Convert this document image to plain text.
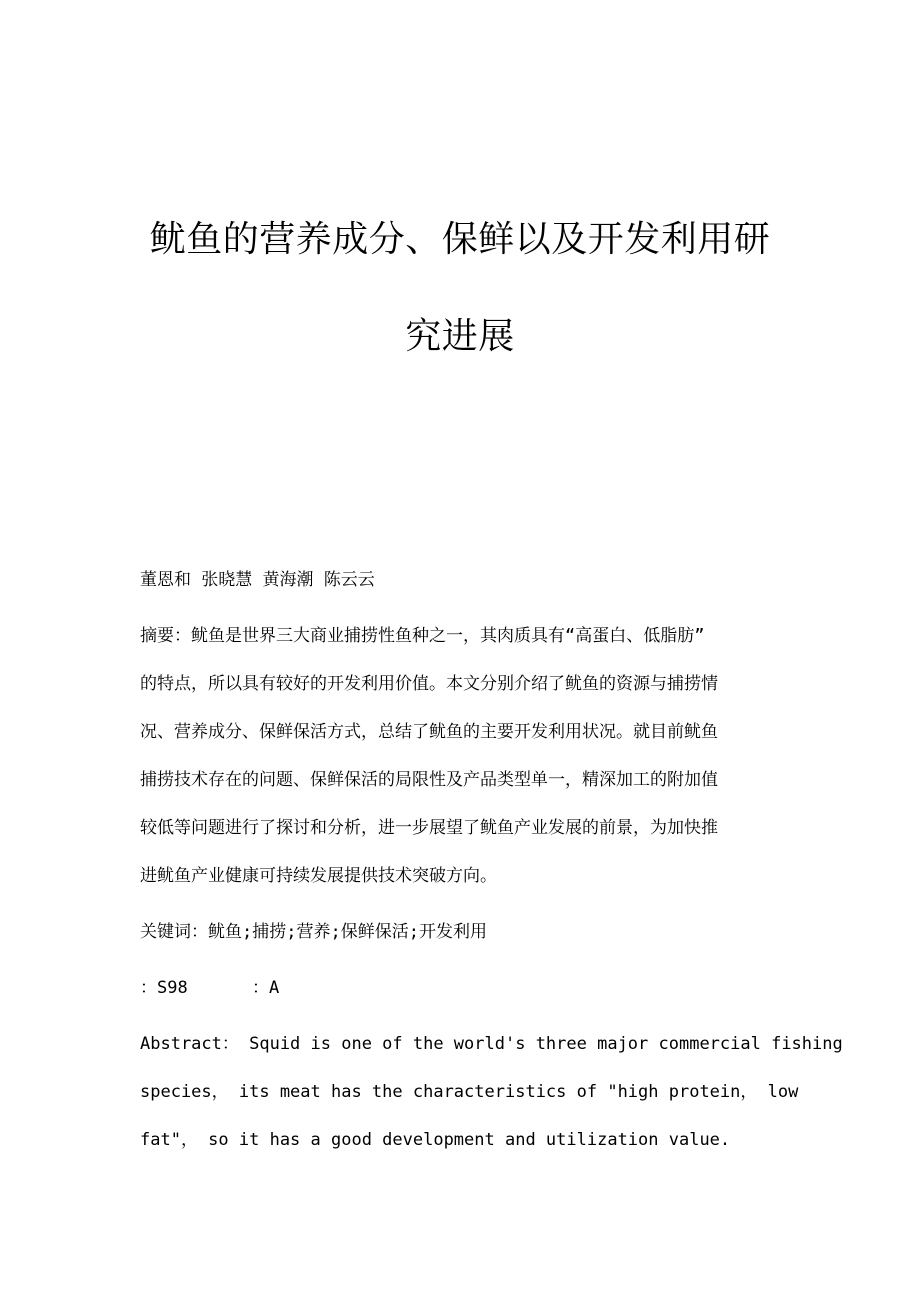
鱿鱼的营养成分、保鲜以及开发利用研
究进展
董恩和 张晓慧 黄海潮 陈云云
摘要：鱿鱼是世界三大商业捕捞性鱼种之一，其肉质具有“高蛋白、低脂肪”
的特点，所以具有较好的开发利用价值。本文分别介绍了鱿鱼的资源与捕捞情
况、营养成分、保鲜保活方式，总结了鱿鱼的主要开发利用状况。就目前鱿鱼
捕捞技术存在的问题、保鲜保活的局限性及产品类型单一，精深加工的附加值
较低等问题进行了探讨和分析，进一步展望了鱿鱼产业发展的前景，为加快推
进鱿鱼产业健康可持续发展提供技术突破方向。
关键词：鱿鱼;捕捞;营养;保鲜保活;开发利用
：S98	：A
Abstract： Squid is one of the world's three major commercial fishing
species， its meat has the characteristics of "high protein， low
fat"， so it has a good development and utilization value.
